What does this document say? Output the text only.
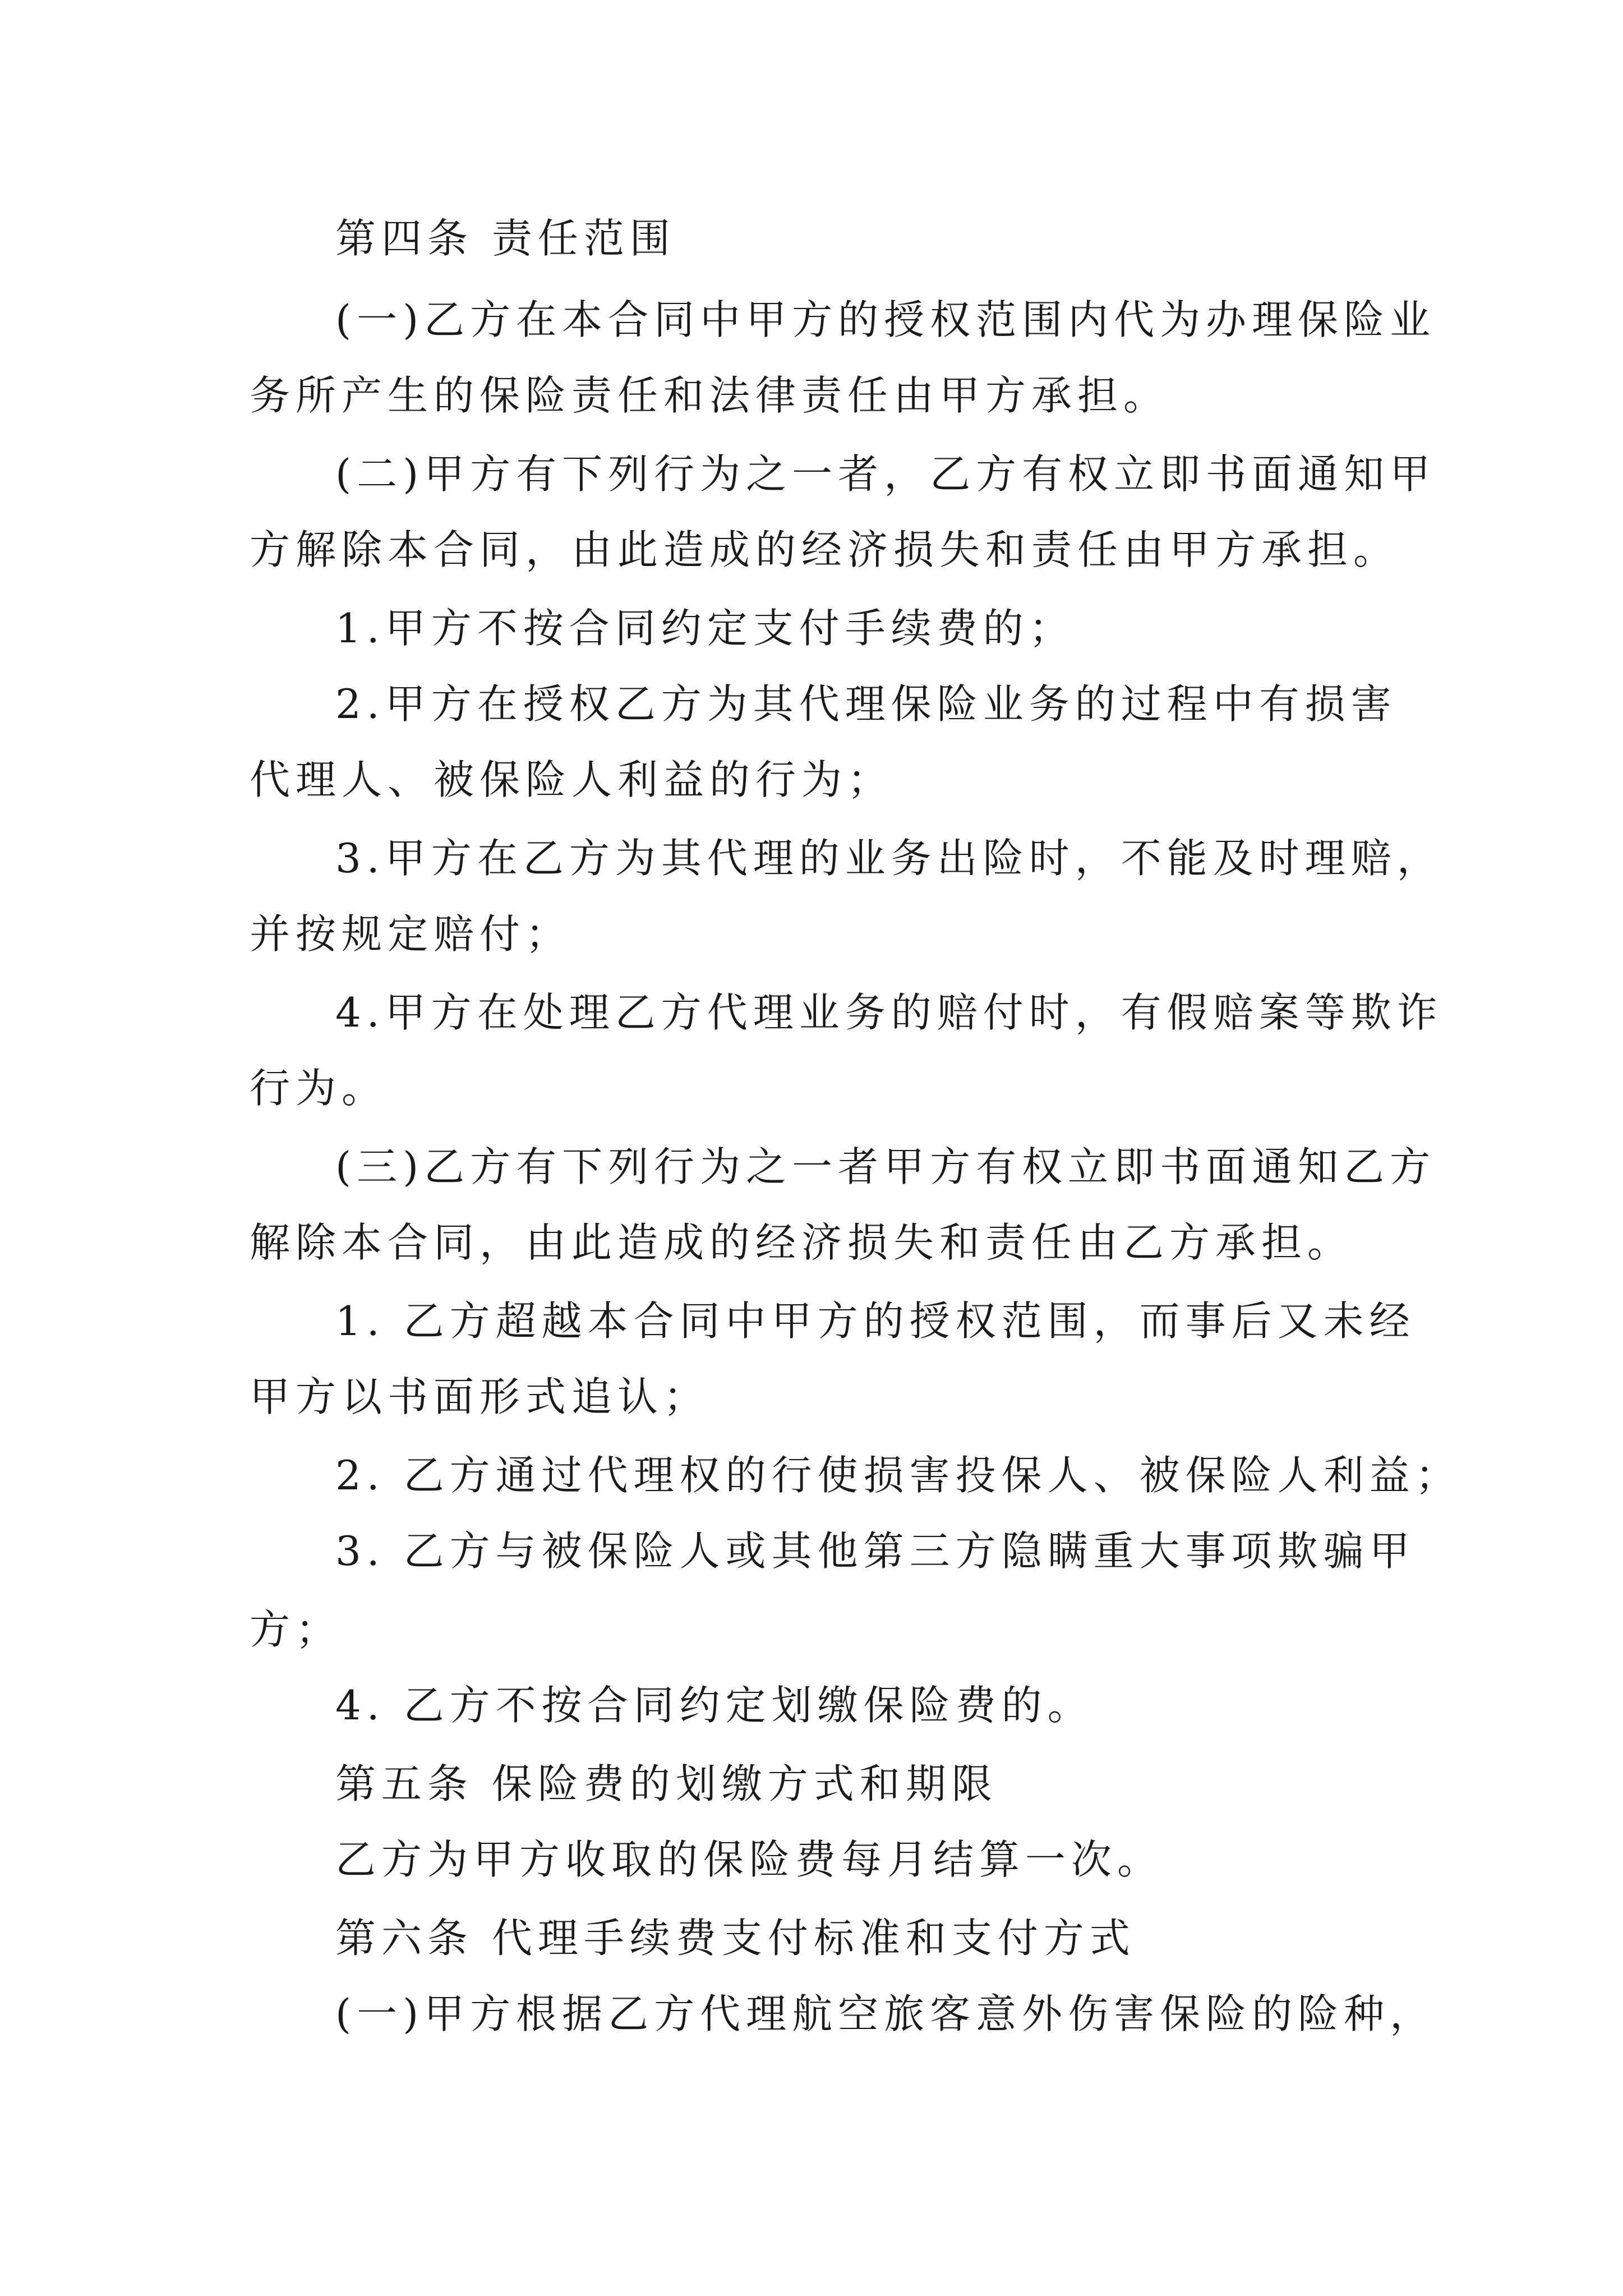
第四条 责任范围
(一)乙方在本合同中甲方的授权范围内代为办理保险业
务所产生的保险责任和法律责任由甲方承担。
(二)甲方有下列行为之一者，乙方有权立即书面通知甲
方解除本合同，由此造成的经济损失和责任由甲方承担。
1.甲方不按合同约定支付手续费的；
2.甲方在授权乙方为其代理保险业务的过程中有损害
代理人、被保险人利益的行为；
3.甲方在乙方为其代理的业务出险时，不能及时理赔，
并按规定赔付；
4.甲方在处理乙方代理业务的赔付时，有假赔案等欺诈
行为。
(三)乙方有下列行为之一者甲方有权立即书面通知乙方
解除本合同，由此造成的经济损失和责任由乙方承担。
1. 乙方超越本合同中甲方的授权范围，而事后又未经
甲方以书面形式追认；
2. 乙方通过代理权的行使损害投保人、被保险人利益；
3. 乙方与被保险人或其他第三方隐瞒重大事项欺骗甲
方；
4. 乙方不按合同约定划缴保险费的。
第五条 保险费的划缴方式和期限
乙方为甲方收取的保险费每月结算一次。
第六条 代理手续费支付标准和支付方式
(一)甲方根据乙方代理航空旅客意外伤害保险的险种，
